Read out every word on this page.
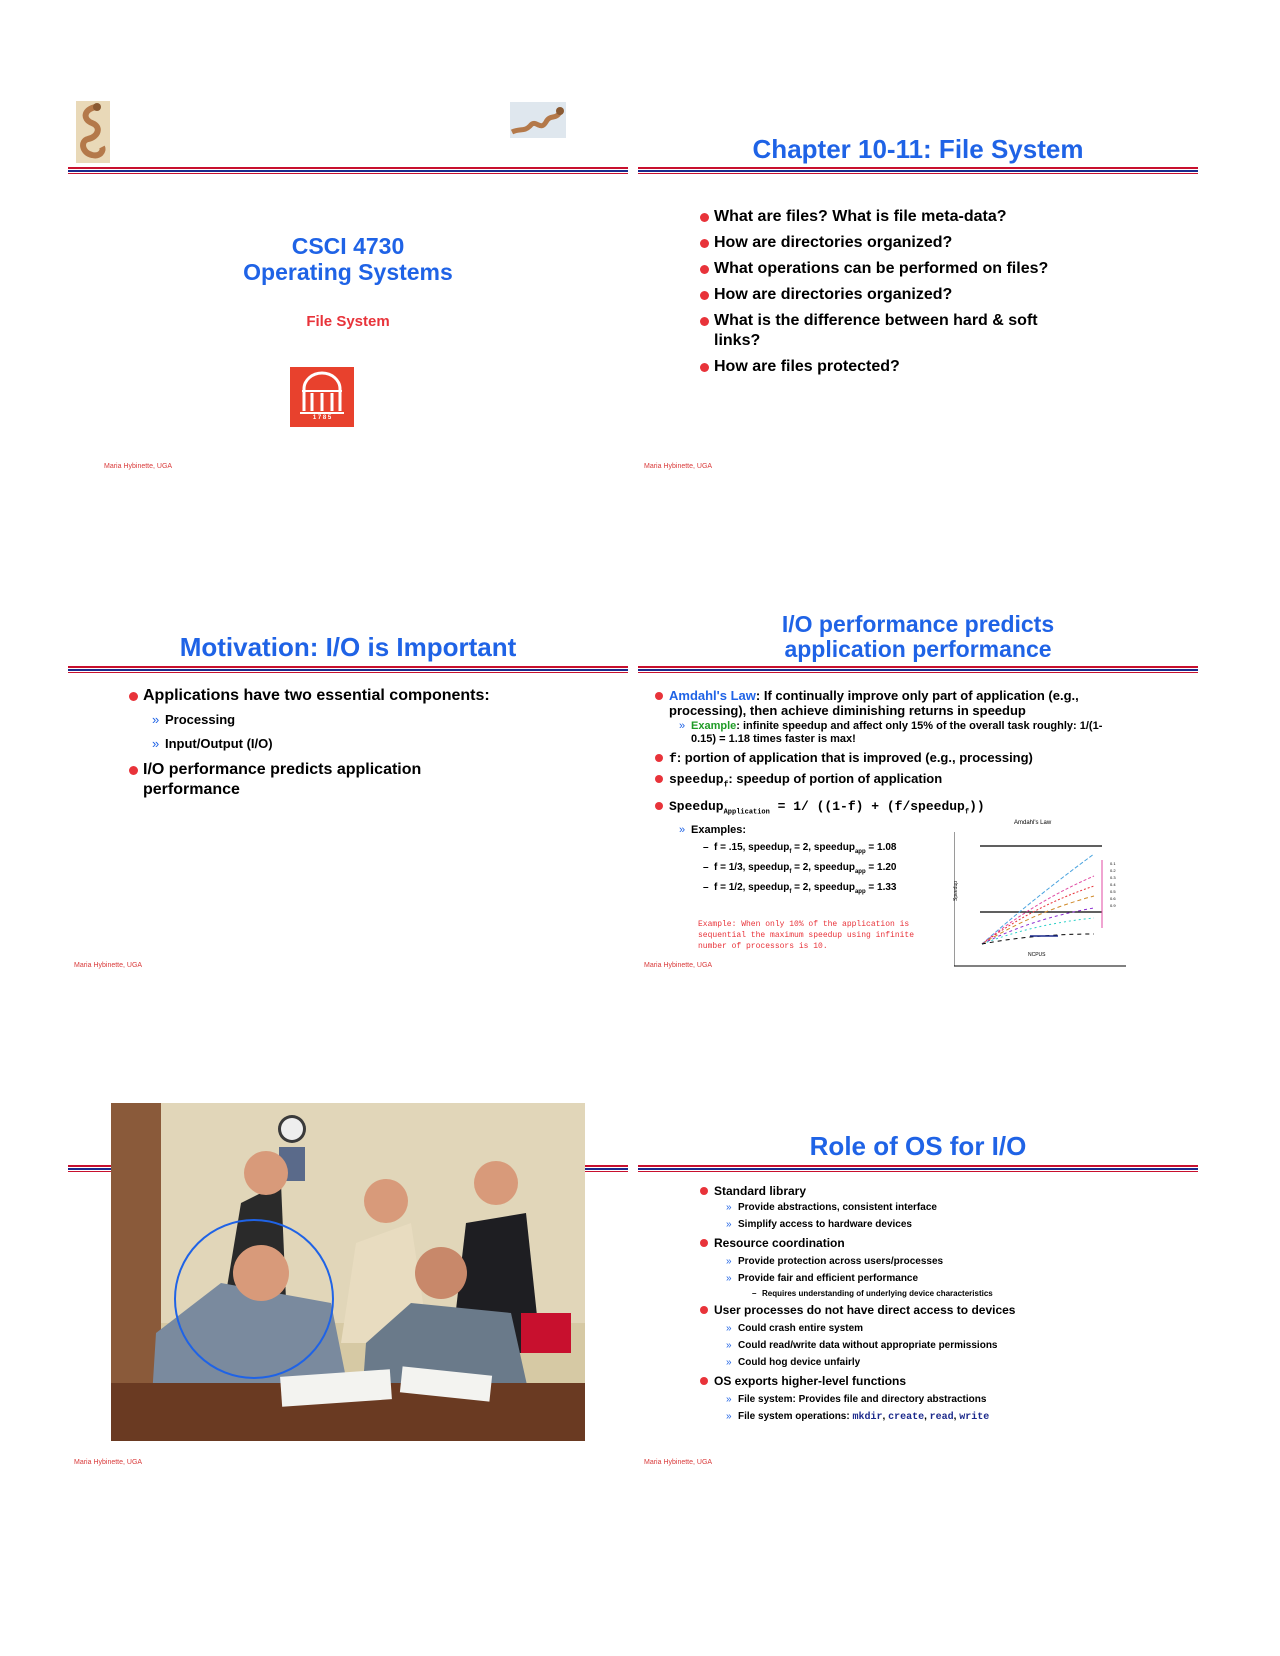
CSCI 4730
Operating Systems
File System
1 7 8 5
Maria Hybinette, UGA
Chapter 10-11: File System
What are files? What is file meta-data?
How are directories organized?
What operations can be performed on files?
How are directories organized?
What is the difference between hard & soft links?
How are files protected?
Maria Hybinette, UGA
Motivation: I/O is Important
Applications have two essential components:
» Processing
» Input/Output (I/O)
I/O performance predicts application performance
Maria Hybinette, UGA
I/O performance predicts
application performance
Amdahl's Law: If continually improve only part of application (e.g., processing), then achieve diminishing returns in speedup
» Example: infinite speedup and affect only 15% of the overall task roughly: 1/(1-0.15) = 1.18 times faster is max!
f: portion of application that is improved (e.g., processing)
speedup$_f$: speedup of portion of application
Speedup$_{Application}$ = 1/ ((1-f) + (f/speedup$_f$))
» Examples:
– f = .15, speedup$_f$ = 2, speedup$_{app}$ = 1.08
– f = 1/3, speedup$_f$ = 2, speedup$_{app}$ = 1.20
– f = 1/2, speedup$_f$ = 2, speedup$_{app}$ = 1.33
Example: When only 10% of the application is sequential the maximum speedup using infinite number of processors is 10.
Amdahl's Law
Speedup
NCPUS
0.1
0.2
0.3
0.4
0.5
0.6
0.9
Maria Hybinette, UGA
Maria Hybinette, UGA
Role of OS for I/O
Standard library
» Provide abstractions, consistent interface
» Simplify access to hardware devices
Resource coordination
» Provide protection across users/processes
» Provide fair and efficient performance
– Requires understanding of underlying device characteristics
User processes do not have direct access to devices
» Could crash entire system
» Could read/write data without appropriate permissions
» Could hog device unfairly
OS exports higher-level functions
» File system: Provides file and directory abstractions
» File system operations: mkdir, create, read, write
Maria Hybinette, UGA
